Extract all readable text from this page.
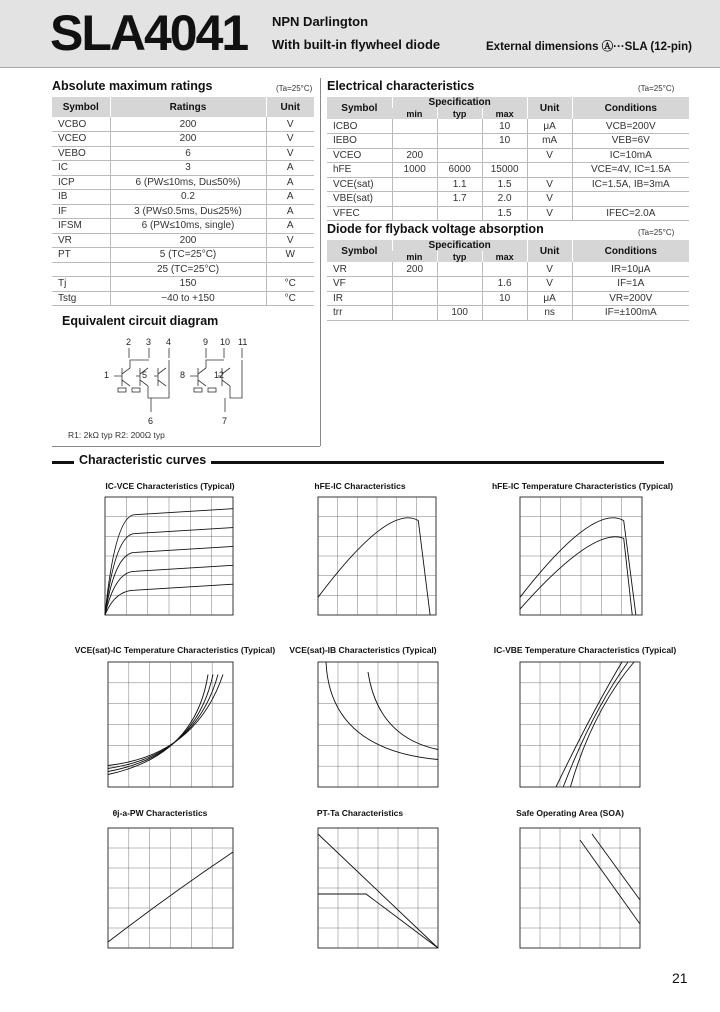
SLA4041 NPN Darlington
With built-in flywheel diode	External dimensions Ⓐ···SLA (12-pin)
Absolute maximum ratings	(Ta=25°C)
Symbol	Ratings	Unit
VCBO	200	V
VCEO	200	V
VEBO	6	V
IC	3	A
ICP	6 (PW≤10ms, Du≤50%)	A
IB	0.2	A
IF	3 (PW≤0.5ms, Du≤25%)	A
IFSM	6 (PW≤10ms, single)	A
VR	200	V
PT	5 (TC=25°C)	W
	25 (TC=25°C)	
Tj	150	°C
Tstg	−40 to +150	°C
Electrical characteristics	(Ta=25°C)
Symbol	Specification			Unit	Conditions
	min	typ	max		
ICBO			10	μA	VCB=200V
IEBO			10	mA	VEB=6V
VCEO	200			V	IC=10mA
hFE	1000	6000	15000		VCE=4V, IC=1.5A
VCE(sat)		1.1	1.5	V	IC=1.5A, IB=3mA
VBE(sat)		1.7	2.0	V	
VFEC			1.5	V	IFEC=2.0A
Diode for flyback voltage absorption	(Ta=25°C)
Symbol	Specification			Unit	Conditions
	min	typ	max		
VR	200			V	IR=10μA
VF			1.6	V	IF=1A
IR			10	μA	VR=200V
trr		100		ns	IF=±100mA
Equivalent circuit diagram
2 3 4	9 10 11
1	5	8	12
6	7
R1: 2kΩ typ R2: 200Ω typ
Characteristic curves
IC-VCE Characteristics (Typical)	hFE-IC Characteristics	hFE-IC Temperature Characteristics (Typical)
VCE(sat)-IC Temperature Characteristics (Typical)	VCE(sat)-IB Characteristics (Typical)	IC-VBE Temperature Characteristics (Typical)
θj-a-PW Characteristics	PT-Ta Characteristics	Safe Operating Area (SOA)
21
